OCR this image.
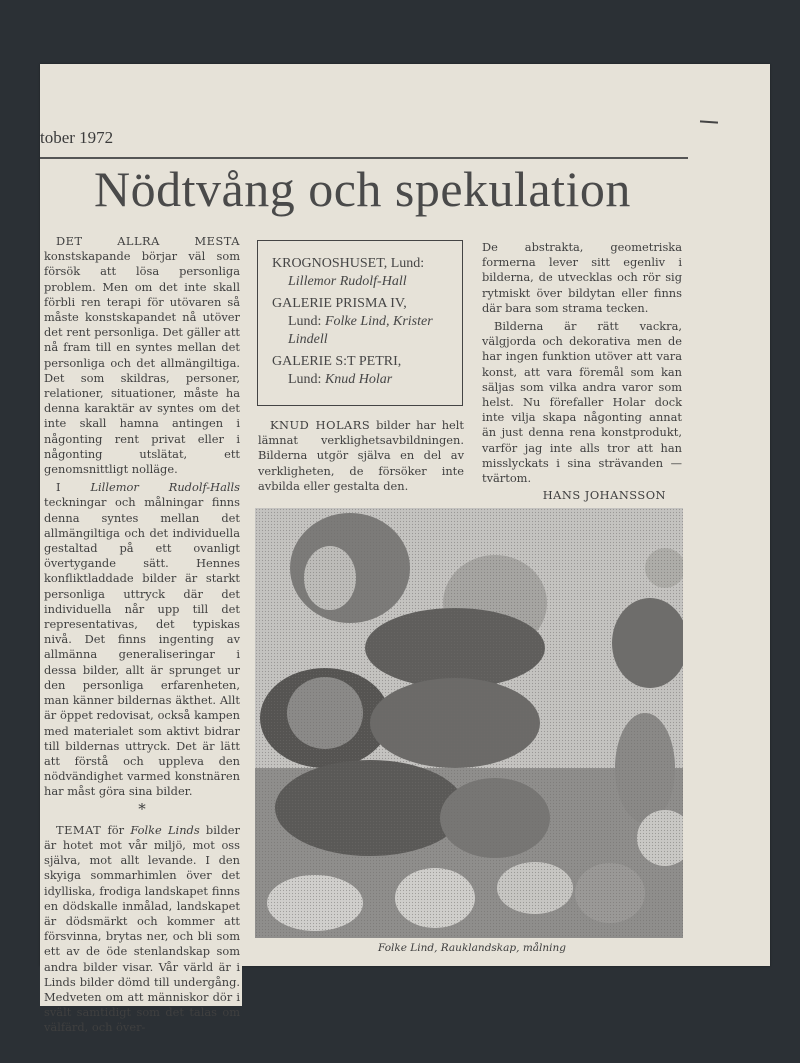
tober 1972
Nödtvång och spekulation

DET ALLRA MESTA konstskapande börjar väl som försök att lösa personliga problem. Men om det inte skall förbli ren terapi för utövaren så måste konstskapandet nå utöver det rent personliga. Det gäller att nå fram till en syntes mellan det personliga och det allmängiltiga. Det som skildras, personer, relationer, situationer, måste ha denna karaktär av syntes om det inte skall hamna antingen i någonting rent privat eller i någonting utslätat, ett genomsnittligt nolläge.

I Lillemor Rudolf-Halls teckningar och målningar finns denna syntes mellan det allmängiltiga och det individuella gestaltad på ett ovanligt övertygande sätt. Hennes konfliktladdade bilder är starkt personliga uttryck där det individuella når upp till det representativas, det typiskas nivå. Det finns ingenting av allmänna generaliseringar i dessa bilder, allt är sprunget ur den personliga erfarenheten, man känner bildernas äkthet. Allt är öppet redovisat, också kampen med materialet som aktivt bidrar till bildernas uttryck. Det är lätt att förstå och uppleva den nödvändighet varmed konstnären har måst göra sina bilder.

*

TEMAT för Folke Linds bilder är hotet mot vår miljö, mot oss själva, mot allt levande. I den skyiga sommarhimlen över det idylliska, frodiga landskapet finns en dödskalle inmålad, landskapet är dödsmärkt och kommer att försvinna, brytas ner, och bli som ett av de öde stenlandskap som andra bilder visar. Vår värld är i Linds bilder dömd till undergång. Medveten om att människor dör i svält samtidigt som det talas om välfärd, och över-

KROGNOSHUSET, Lund:
Lillemor Rudolf-Hall
GALERIE PRISMA IV,
Lund: Folke Lind, Krister Lindell
GALERIE S:T PETRI,
Lund: Knud Holar

KNUD HOLARS bilder har helt lämnat verklighetsavbildningen. Bilderna utgör själva en del av verkligheten, de försöker inte avbilda eller gestalta den.

De abstrakta, geometriska formerna lever sitt egenliv i bilderna, de utvecklas och rör sig rytmiskt över bildytan eller finns där bara som strama tecken.

Bilderna är rätt vackra, välgjorda och dekorativa men de har ingen funktion utöver att vara konst, att vara föremål som kan säljas som vilka andra varor som helst. Nu förefaller Holar dock inte vilja skapa någonting annat än just denna rena konstprodukt, varför jag inte alls tror att han misslyckats i sina strävanden — tvärtom.

HANS JOHANSSON
Folke Lind, Rauklandskap, målning
